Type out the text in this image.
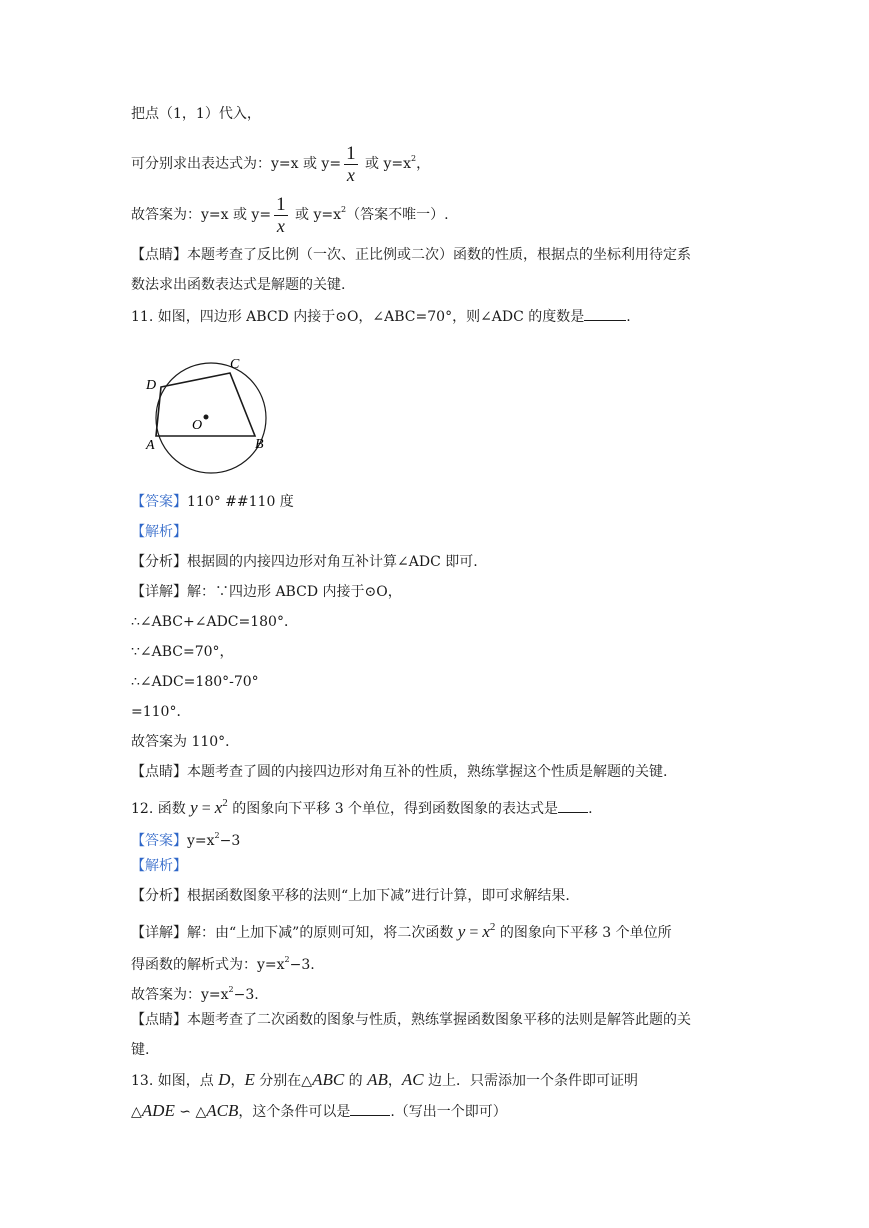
把点（1，1）代入，
可分别求出表达式为：y=x 或 $y= \frac{1}{x}$ 或 $y=x^2$，
故答案为：y=x 或 $y= \frac{1}{x}$ 或 $y=x^2$（答案不唯一）.
【点睛】本题考查了反比例（一次、正比例或二次）函数的性质，根据点的坐标利用待定系
数法求出函数表达式是解题的关键.
11. 如图，四边形 ABCD 内接于⊙O，∠ABC=70°，则∠ADC 的度数是	.
D
C
O
A	B
【答案】110° ##110 度
【解析】
【分析】根据圆的内接四边形对角互补计算∠ADC 即可.
【详解】解：∵四边形 ABCD 内接于⊙O，
∴∠ABC+∠ADC=180°．
∵∠ABC=70°，
∴∠ADC=180°-70°
=110°．
故答案为 110°．
【点睛】本题考查了圆的内接四边形对角互补的性质，熟练掌握这个性质是解题的关键.
12. 函数 $y = x^2$ 的图象向下平移 3 个单位，得到函数图象的表达式是 .
【答案】$y=x^2-3$
【解析】
【分析】根据函数图象平移的法则“上加下减”进行计算，即可求解结果.
【详解】解：由“上加下减”的原则可知，将二次函数 $y = x^2$ 的图象向下平移 3 个单位所
得函数的解析式为：$y=x^2-3$.
故答案为：$y=x^2-3$.
【点睛】本题考查了二次函数的图象与性质，熟练掌握函数图象平移的法则是解答此题的关
键.
13. 如图，点 D，E 分别在△ABC 的 AB，AC 边上．只需添加一个条件即可证明
△ADE ∽ △ACB，这个条件可以是	.（写出一个即可）
